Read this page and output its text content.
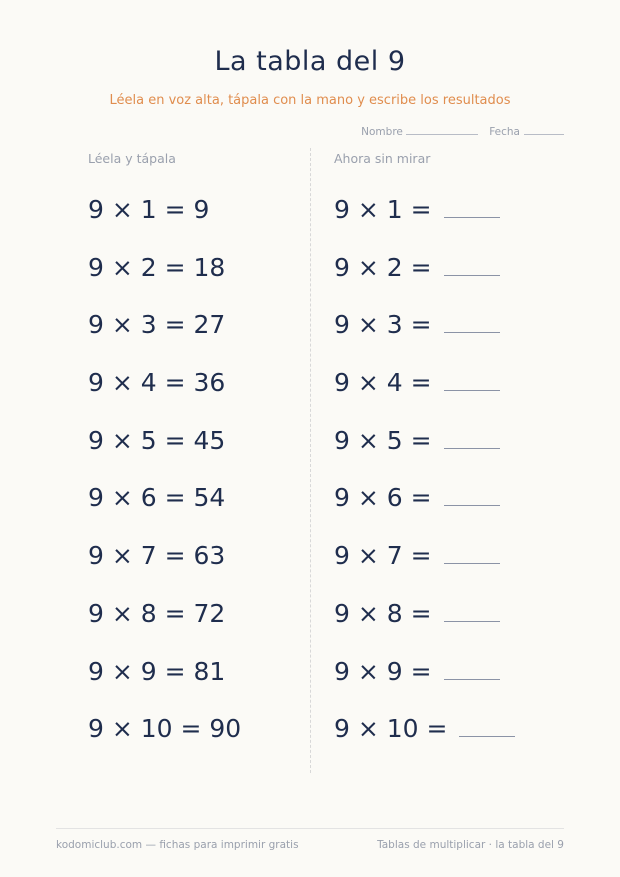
La tabla del 9
Léela en voz alta, tápala con la mano y escribe los resultados
Nombre	Fecha
Léela y tápala	Ahora sin mirar
9 × 1 = 9	9 × 1 =
9 × 2 = 18	9 × 2 =
9 × 3 = 27	9 × 3 =
9 × 4 = 36	9 × 4 =
9 × 5 = 45	9 × 5 =
9 × 6 = 54	9 × 6 =
9 × 7 = 63	9 × 7 =
9 × 8 = 72	9 × 8 =
9 × 9 = 81	9 × 9 =
9 × 10 = 90	9 × 10 =
kodomiclub.com — fichas para imprimir gratis	Tablas de multiplicar · la tabla del 9
